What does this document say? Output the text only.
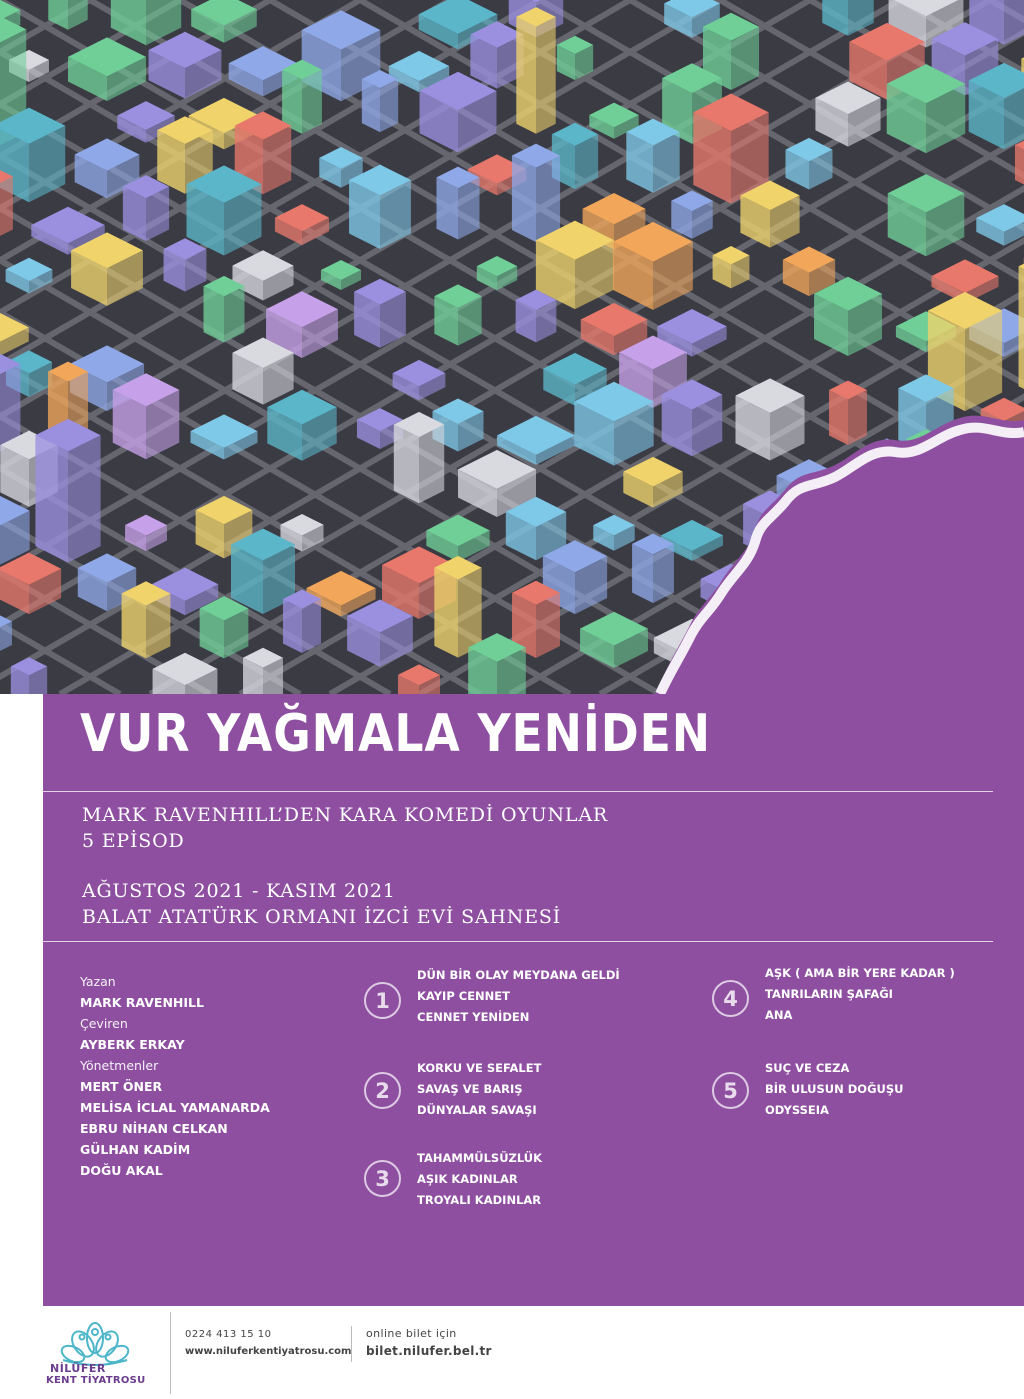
VUR YAĞMALA YENİDEN
MARK RAVENHILL’DEN KARA KOMEDİ OYUNLAR
5 EPİSOD
AĞUSTOS 2021 - KASIM 2021
BALAT ATATÜRK ORMANI İZCİ EVİ SAHNESİ
Yazan
MARK RAVENHILL
Çeviren
AYBERK ERKAY
Yönetmenler
MERT ÖNER
MELİSA İCLAL YAMANARDA
EBRU NİHAN CELKAN
GÜLHAN KADİM
DOĞU AKAL
1
DÜN BİR OLAY MEYDANA GELDİ
KAYIP CENNET
CENNET YENİDEN
2
KORKU VE SEFALET
SAVAŞ VE BARIŞ
DÜNYALAR SAVAŞI
3
TAHAMMÜLSÜZLÜK
AŞIK KADINLAR
TROYALI KADINLAR
4
AŞK ( AMA BİR YERE KADAR )
TANRILARIN ŞAFAĞI
ANA
5
SUÇ VE CEZA
BİR ULUSUN DOĞUŞU
ODYSSEIA
NİLÜFER
KENT TİYATROSU
0224 413 15 10
www.niluferkentiyatrosu.com
online bilet için
bilet.nilufer.bel.tr
